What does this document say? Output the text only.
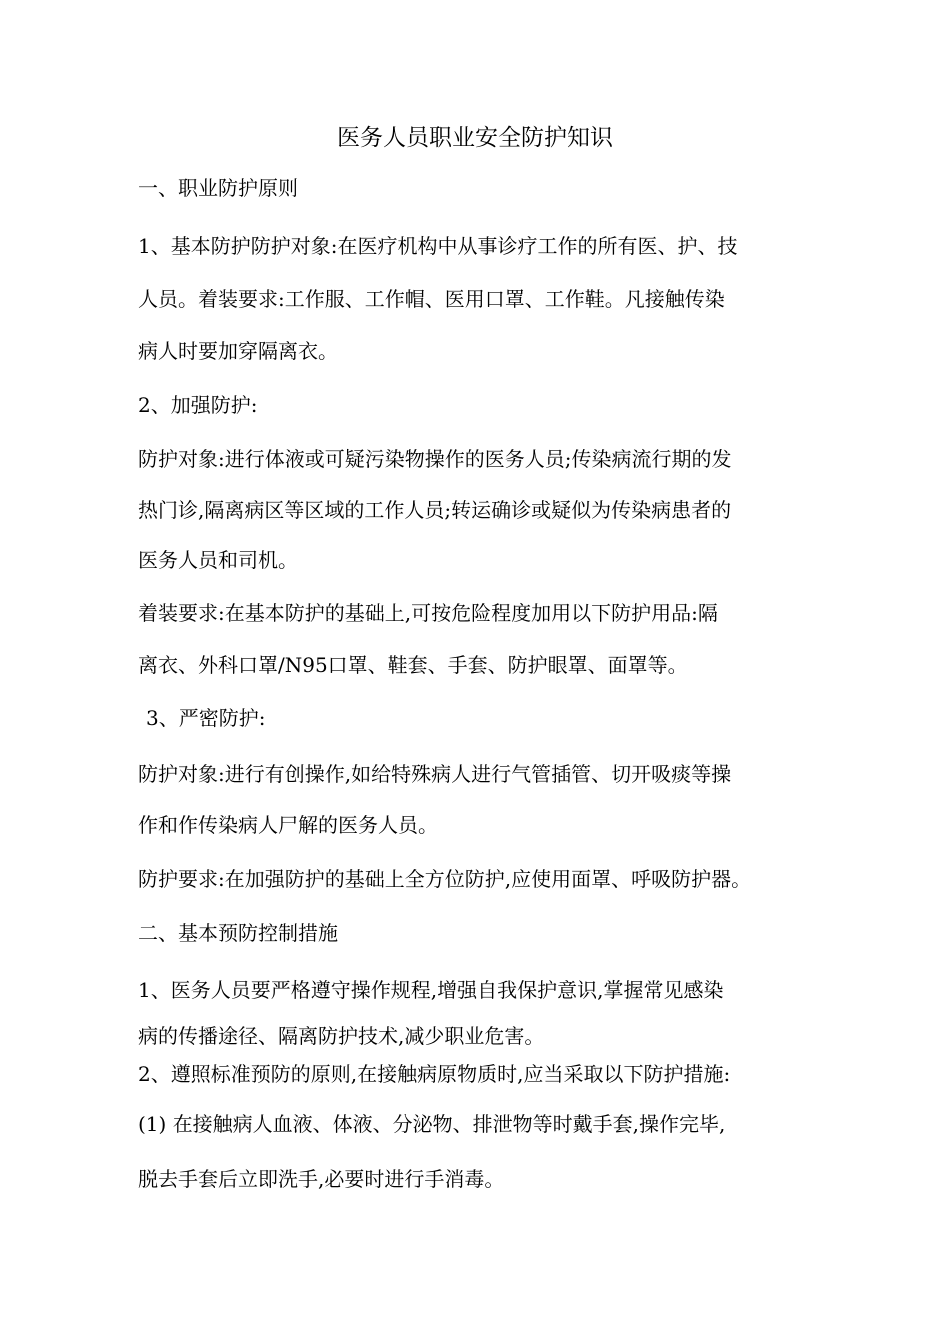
医务人员职业安全防护知识
一、职业防护原则
1、基本防护防护对象:在医疗机构中从事诊疗工作的所有医、护、技
人员。着装要求:工作服、工作帽、医用口罩、工作鞋。凡接触传染
病人时要加穿隔离衣。
2、加强防护:
防护对象:进行体液或可疑污染物操作的医务人员;传染病流行期的发
热门诊,隔离病区等区域的工作人员;转运确诊或疑似为传染病患者的
医务人员和司机。
着装要求:在基本防护的基础上,可按危险程度加用以下防护用品:隔
离衣、外科口罩/N95口罩、鞋套、手套、防护眼罩、面罩等。
3、严密防护:
防护对象:进行有创操作,如给特殊病人进行气管插管、切开吸痰等操
作和作传染病人尸解的医务人员。
防护要求:在加强防护的基础上全方位防护,应使用面罩、呼吸防护器。
二、基本预防控制措施
1、医务人员要严格遵守操作规程,增强自我保护意识,掌握常见感染
病的传播途径、隔离防护技术,减少职业危害。
2、遵照标准预防的原则,在接触病原物质时,应当采取以下防护措施:
(1) 在接触病人血液、体液、分泌物、排泄物等时戴手套,操作完毕,
脱去手套后立即洗手,必要时进行手消毒。
